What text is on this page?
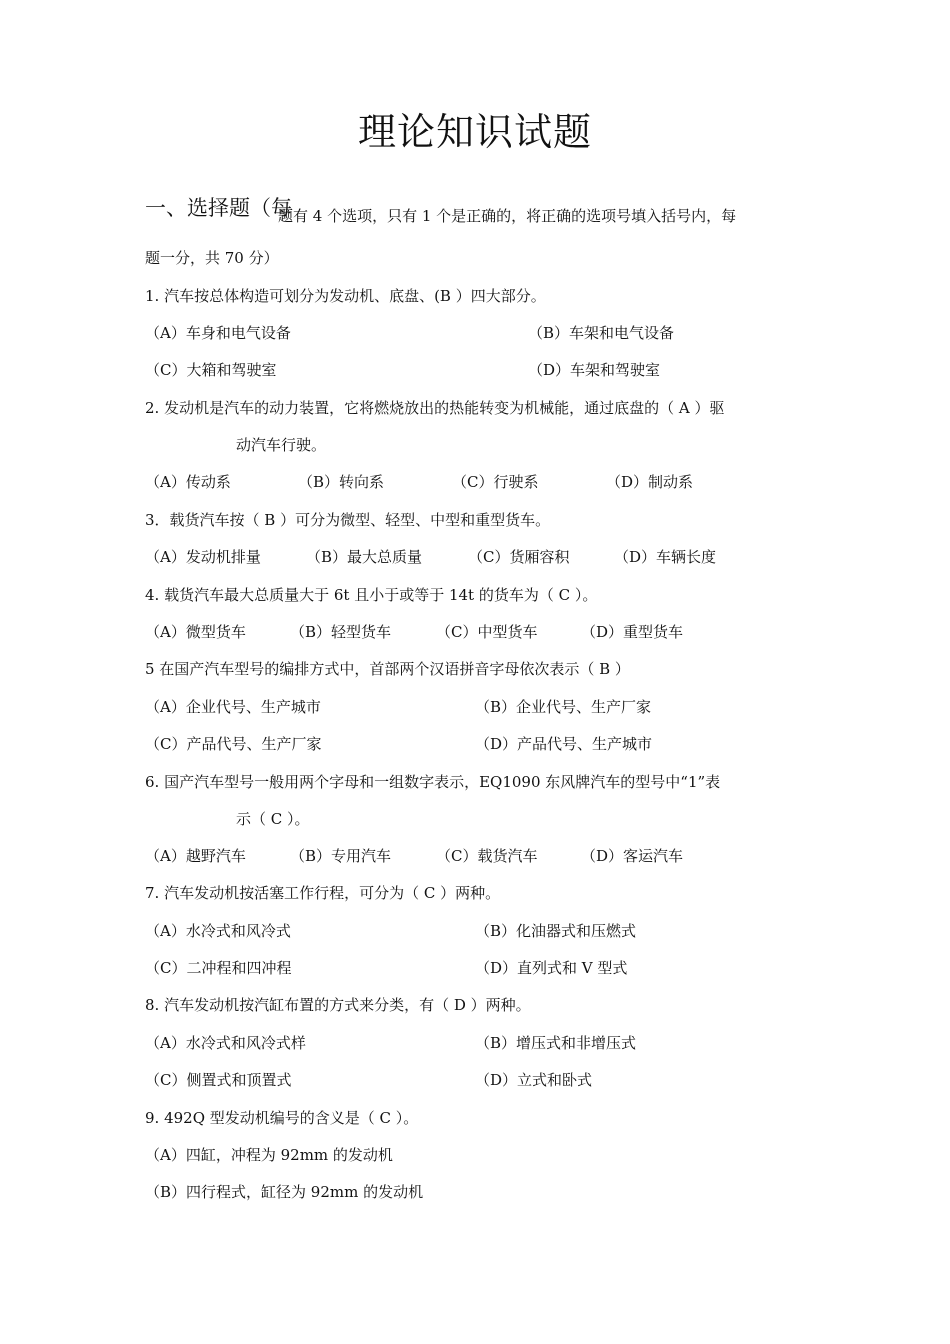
理论知识试题
一、选择题（每
题有 4 个选项，只有 1 个是正确的，将正确的选项号填入括号内，每
题一分，共 70 分）
1. 汽车按总体构造可划分为发动机、底盘、(B ）四大部分。
（A）车身和电气设备	（B）车架和电气设备
（C）大箱和驾驶室	（D）车架和驾驶室
2. 发动机是汽车的动力装置，它将燃烧放出的热能转变为机械能，通过底盘的（ A ）驱
动汽车行驶。
（A）传动系	（B）转向系	（C）行驶系	（D）制动系
3．载货汽车按（ B ）可分为微型、轻型、中型和重型货车。
（A）发动机排量	（B）最大总质量	（C）货厢容积	（D）车辆长度
4. 载货汽车最大总质量大于 6t 且小于或等于 14t 的货车为（ C ）。
（A）微型货车	（B）轻型货车	（C）中型货车	（D）重型货车
5 在国产汽车型号的编排方式中，首部两个汉语拼音字母依次表示（ B ）
（A）企业代号、生产城市	（B）企业代号、生产厂家
（C）产品代号、生产厂家	（D）产品代号、生产城市
6. 国产汽车型号一般用两个字母和一组数字表示，EQ1090 东风牌汽车的型号中“1”表
示（ C ）。
（A）越野汽车	（B）专用汽车	（C）载货汽车	（D）客运汽车
7. 汽车发动机按活塞工作行程，可分为（ C ）两种。
（A）水冷式和风冷式	（B）化油器式和压燃式
（C）二冲程和四冲程	（D）直列式和 V 型式
8. 汽车发动机按汽缸布置的方式来分类，有（ D ）两种。
（A）水冷式和风冷式样	（B）增压式和非增压式
（C）侧置式和顶置式	（D）立式和卧式
9. 492Q 型发动机编号的含义是（ C ）。
（A）四缸，冲程为 92mm 的发动机
（B）四行程式，缸径为 92mm 的发动机
